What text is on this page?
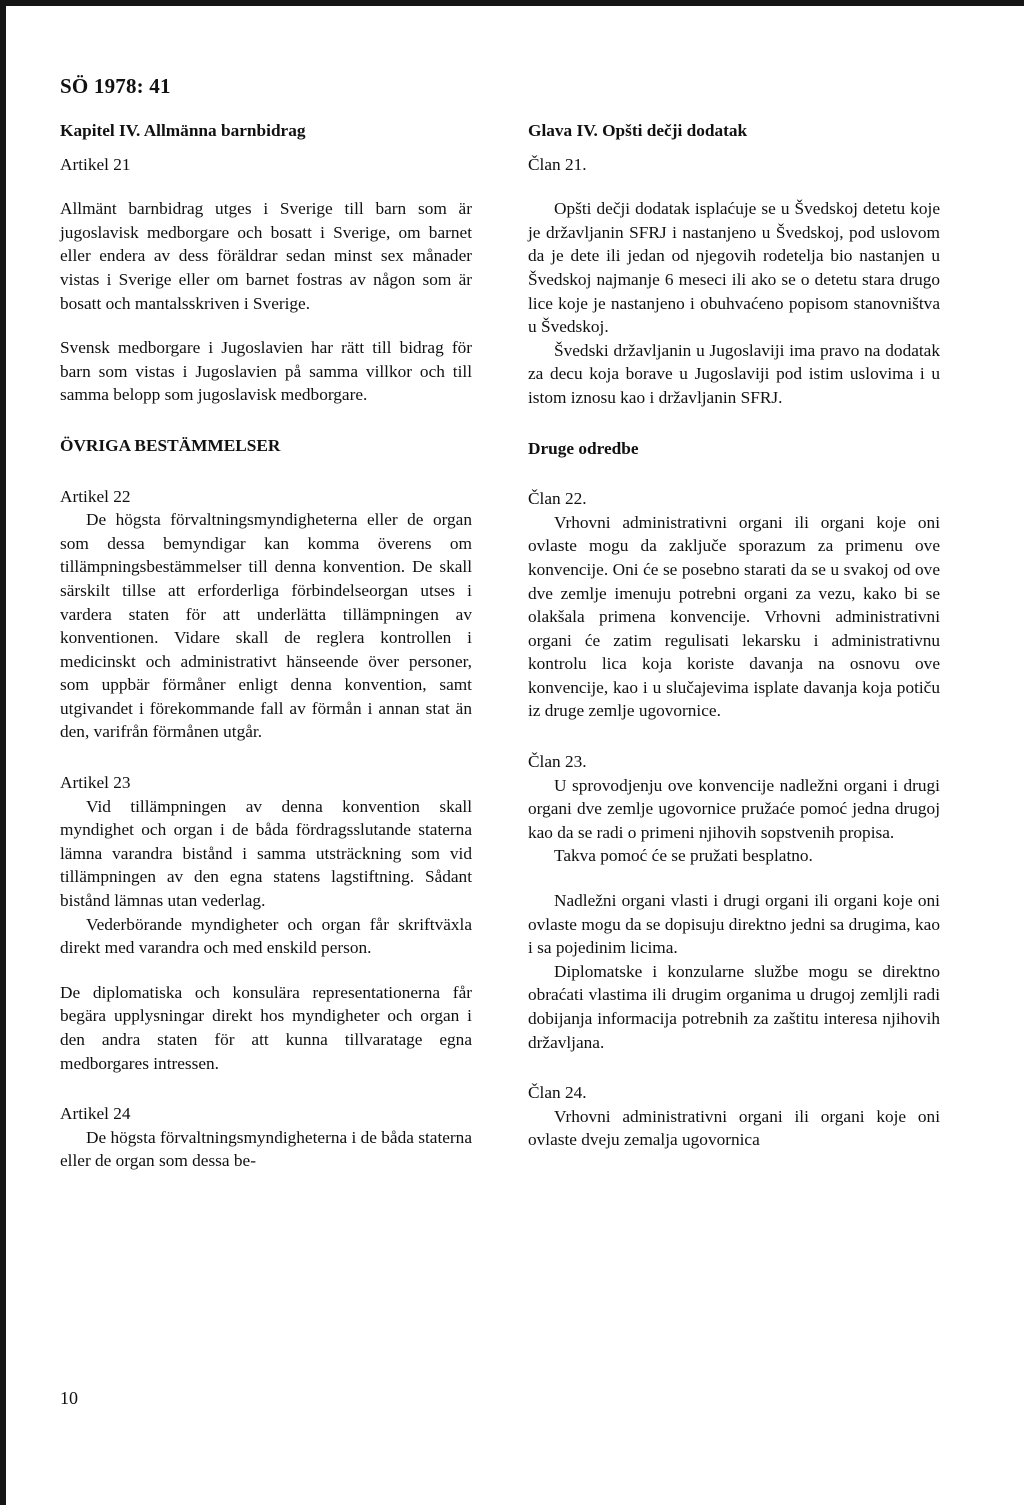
SÖ 1978: 41
Kapitel IV. Allmänna barnbidrag
Artikel 21

Allmänt barnbidrag utges i Sverige till barn som är jugoslavisk medborgare och bosatt i Sverige, om barnet eller endera av dess föräldrar sedan minst sex månader vistas i Sverige eller om barnet fostras av någon som är bosatt och mantalsskriven i Sverige.

Svensk medborgare i Jugoslavien har rätt till bidrag för barn som vistas i Jugoslavien på samma villkor och till samma belopp som jugoslavisk medborgare.

ÖVRIGA BESTÄMMELSER
Artikel 22

De högsta förvaltningsmyndigheterna eller de organ som dessa bemyndigar kan komma överens om tillämpningsbestämmelser till denna konvention. De skall särskilt tillse att erforderliga förbindelseorgan utses i vardera staten för att underlätta tillämpningen av konventionen. Vidare skall de reglera kontrollen i medicinskt och administrativt hänseende över personer, som uppbär förmåner enligt denna konvention, samt utgivandet i förekommande fall av förmån i annan stat än den, varifrån förmånen utgår.

Artikel 23

Vid tillämpningen av denna konvention skall myndighet och organ i de båda fördragsslutande staterna lämna varandra bistånd i samma utsträckning som vid tillämpningen av den egna statens lagstiftning. Sådant bistånd lämnas utan vederlag.

Vederbörande myndigheter och organ får skriftväxla direkt med varandra och med enskild person.

De diplomatiska och konsulära representationerna får begära upplysningar direkt hos myndigheter och organ i den andra staten för att kunna tillvaratage egna medborgares intressen.

Artikel 24

De högsta förvaltningsmyndigheterna i de båda staterna eller de organ som dessa be-

Glava IV. Opšti dečji dodatak
Član 21.

Opšti dečji dodatak isplaćuje se u Švedskoj detetu koje je državljanin SFRJ i nastanjeno u Švedskoj, pod uslovom da je dete ili jedan od njegovih rodetelja bio nastanjen u Švedskoj najmanje 6 meseci ili ako se o detetu stara drugo lice koje je nastanjeno i obuhvaćeno popisom stanovništva u Švedskoj.

Švedski državljanin u Jugoslaviji ima pravo na dodatak za decu koja borave u Jugoslaviji pod istim uslovima i u istom iznosu kao i državljanin SFRJ.

Druge odredbe
Član 22.

Vrhovni administrativni organi ili organi koje oni ovlaste mogu da zaključe sporazum za primenu ove konvencije. Oni će se posebno starati da se u svakoj od ove dve zemlje imenuju potrebni organi za vezu, kako bi se olakšala primena konvencije. Vrhovni administrativni organi će zatim regulisati lekarsku i administrativnu kontrolu lica koja koriste davanja na osnovu ove konvencije, kao i u slučajevima isplate davanja koja potiču iz druge zemlje ugovornice.

Član 23.

U sprovodjenju ove konvencije nadležni organi i drugi organi dve zemlje ugovornice pružaće pomoć jedna drugoj kao da se radi o primeni njihovih sopstvenih propisa.

Takva pomoć će se pružati besplatno.

Nadležni organi vlasti i drugi organi ili organi koje oni ovlaste mogu da se dopisuju direktno jedni sa drugima, kao i sa pojedinim licima.

Diplomatske i konzularne službe mogu se direktno obraćati vlastima ili drugim organima u drugoj zemljli radi dobijanja informacija potrebnih za zaštitu interesa njihovih državljana.

Član 24.

Vrhovni administrativni organi ili organi koje oni ovlaste dveju zemalja ugovornica

10
